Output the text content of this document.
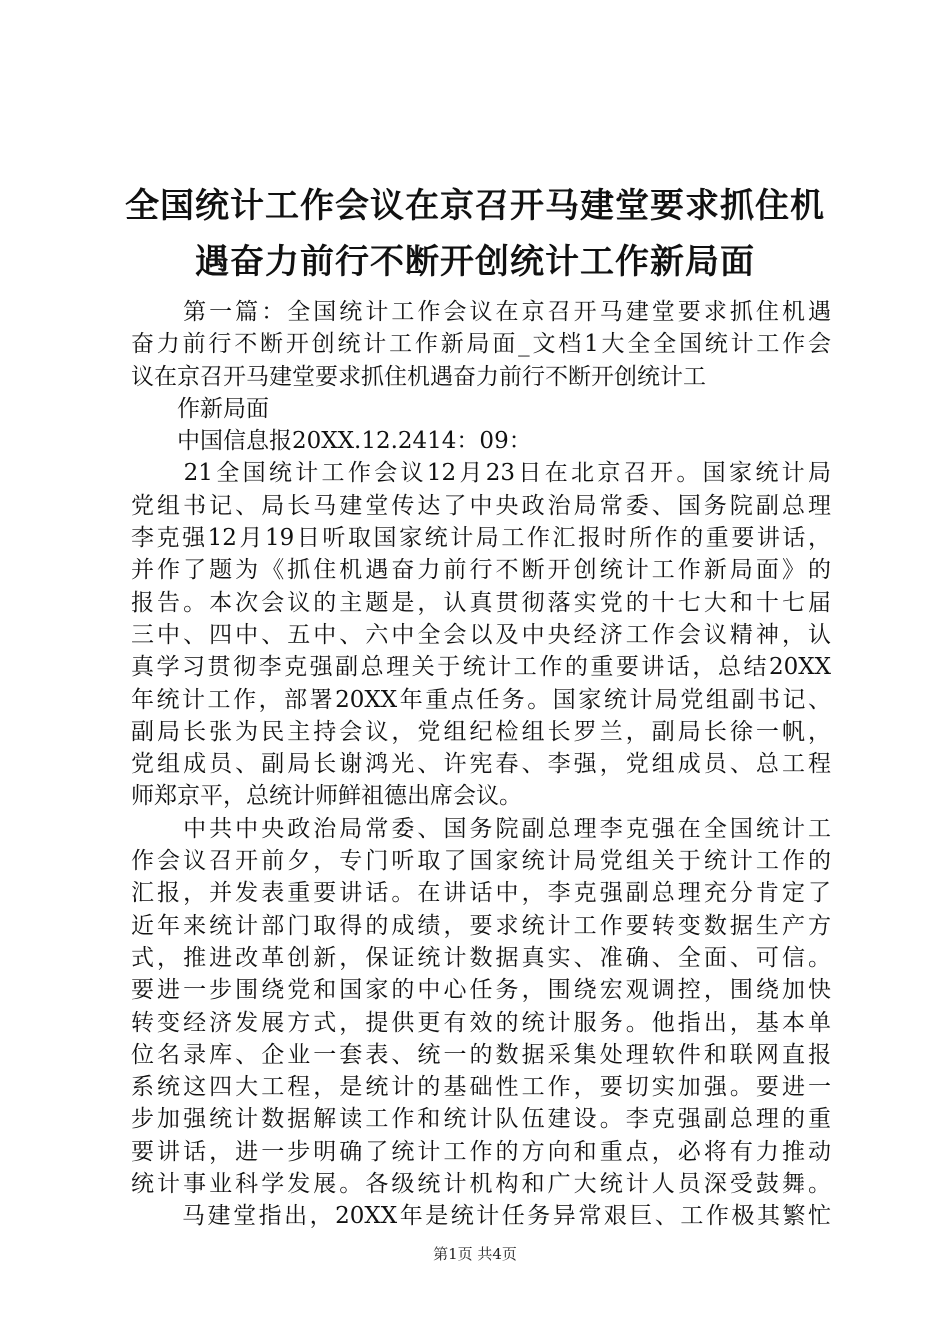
全国统计工作会议在京召开马建堂要求抓住机
遇奋力前行不断开创统计工作新局面
　　第一篇：全国统计工作会议在京召开马建堂要求抓住机遇
奋力前行不断开创统计工作新局面_文档1大全全国统计工作会
议在京召开马建堂要求抓住机遇奋力前行不断开创统计工
　　作新局面
　　中国信息报20XX.12.2414：09：
　　21全国统计工作会议12月23日在北京召开。国家统计局
党组书记、局长马建堂传达了中央政治局常委、国务院副总理
李克强12月19日听取国家统计局工作汇报时所作的重要讲话，
并作了题为《抓住机遇奋力前行不断开创统计工作新局面》的
报告。本次会议的主题是，认真贯彻落实党的十七大和十七届
三中、四中、五中、六中全会以及中央经济工作会议精神，认
真学习贯彻李克强副总理关于统计工作的重要讲话，总结20XX
年统计工作，部署20XX年重点任务。国家统计局党组副书记、
副局长张为民主持会议，党组纪检组长罗兰，副局长徐一帆，
党组成员、副局长谢鸿光、许宪春、李强，党组成员、总工程
师郑京平，总统计师鲜祖德出席会议。
　　中共中央政治局常委、国务院副总理李克强在全国统计工
作会议召开前夕，专门听取了国家统计局党组关于统计工作的
汇报，并发表重要讲话。在讲话中，李克强副总理充分肯定了
近年来统计部门取得的成绩，要求统计工作要转变数据生产方
式，推进改革创新，保证统计数据真实、准确、全面、可信。
要进一步围绕党和国家的中心任务，围绕宏观调控，围绕加快
转变经济发展方式，提供更有效的统计服务。他指出，基本单
位名录库、企业一套表、统一的数据采集处理软件和联网直报
系统这四大工程，是统计的基础性工作，要切实加强。要进一
步加强统计数据解读工作和统计队伍建设。李克强副总理的重
要讲话，进一步明确了统计工作的方向和重点，必将有力推动
统计事业科学发展。各级统计机构和广大统计人员深受鼓舞。
　　马建堂指出，20XX年是统计任务异常艰巨、工作极其繁忙
第1页 共4页
